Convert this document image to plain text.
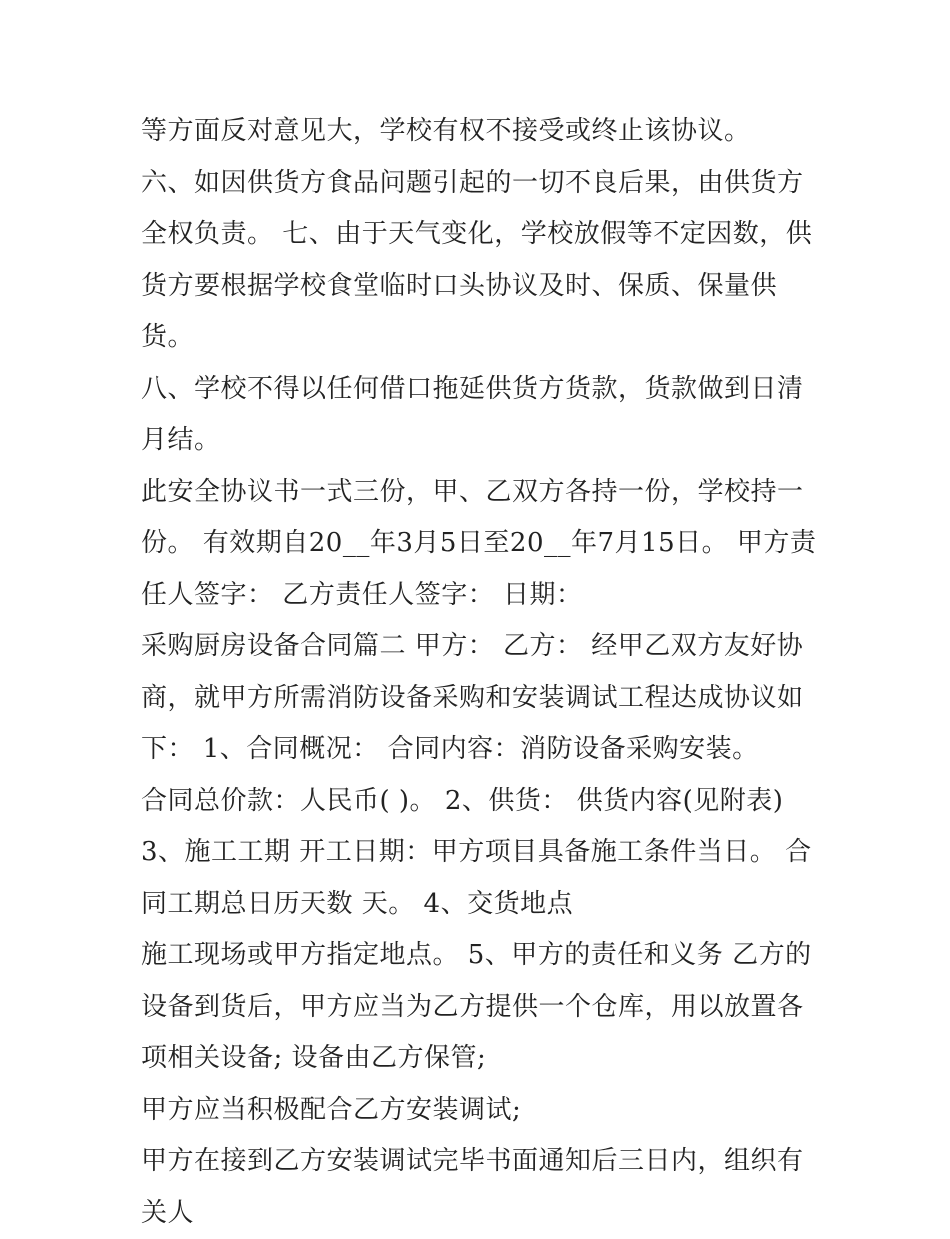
等方面反对意见大，学校有权不接受或终止该协议。

六、如因供货方食品问题引起的一切不良后果，由供货方全权负责。 七、由于天气变化，学校放假等不定因数，供货方要根据学校食堂临时口头协议及时、保质、保量供货。

八、学校不得以任何借口拖延供货方货款，货款做到日清月结。

此安全协议书一式三份，甲、乙双方各持一份，学校持一份。 有效期自20__年3月5日至20__年7月15日。 甲方责任人签字： 乙方责任人签字： 日期：

采购厨房设备合同篇二 甲方： 乙方： 经甲乙双方友好协商，就甲方所需消防设备采购和安装调试工程达成协议如下： 1、合同概况： 合同内容：消防设备采购安装。

合同总价款：人民币( )。 2、供货： 供货内容(见附表) 3、施工工期 开工日期：甲方项目具备施工条件当日。 合同工期总日历天数 天。 4、交货地点

施工现场或甲方指定地点。 5、甲方的责任和义务 乙方的设备到货后，甲方应当为乙方提供一个仓库，用以放置各项相关设备; 设备由乙方保管;

甲方应当积极配合乙方安装调试;

甲方在接到乙方安装调试完毕书面通知后三日内，组织有关人
